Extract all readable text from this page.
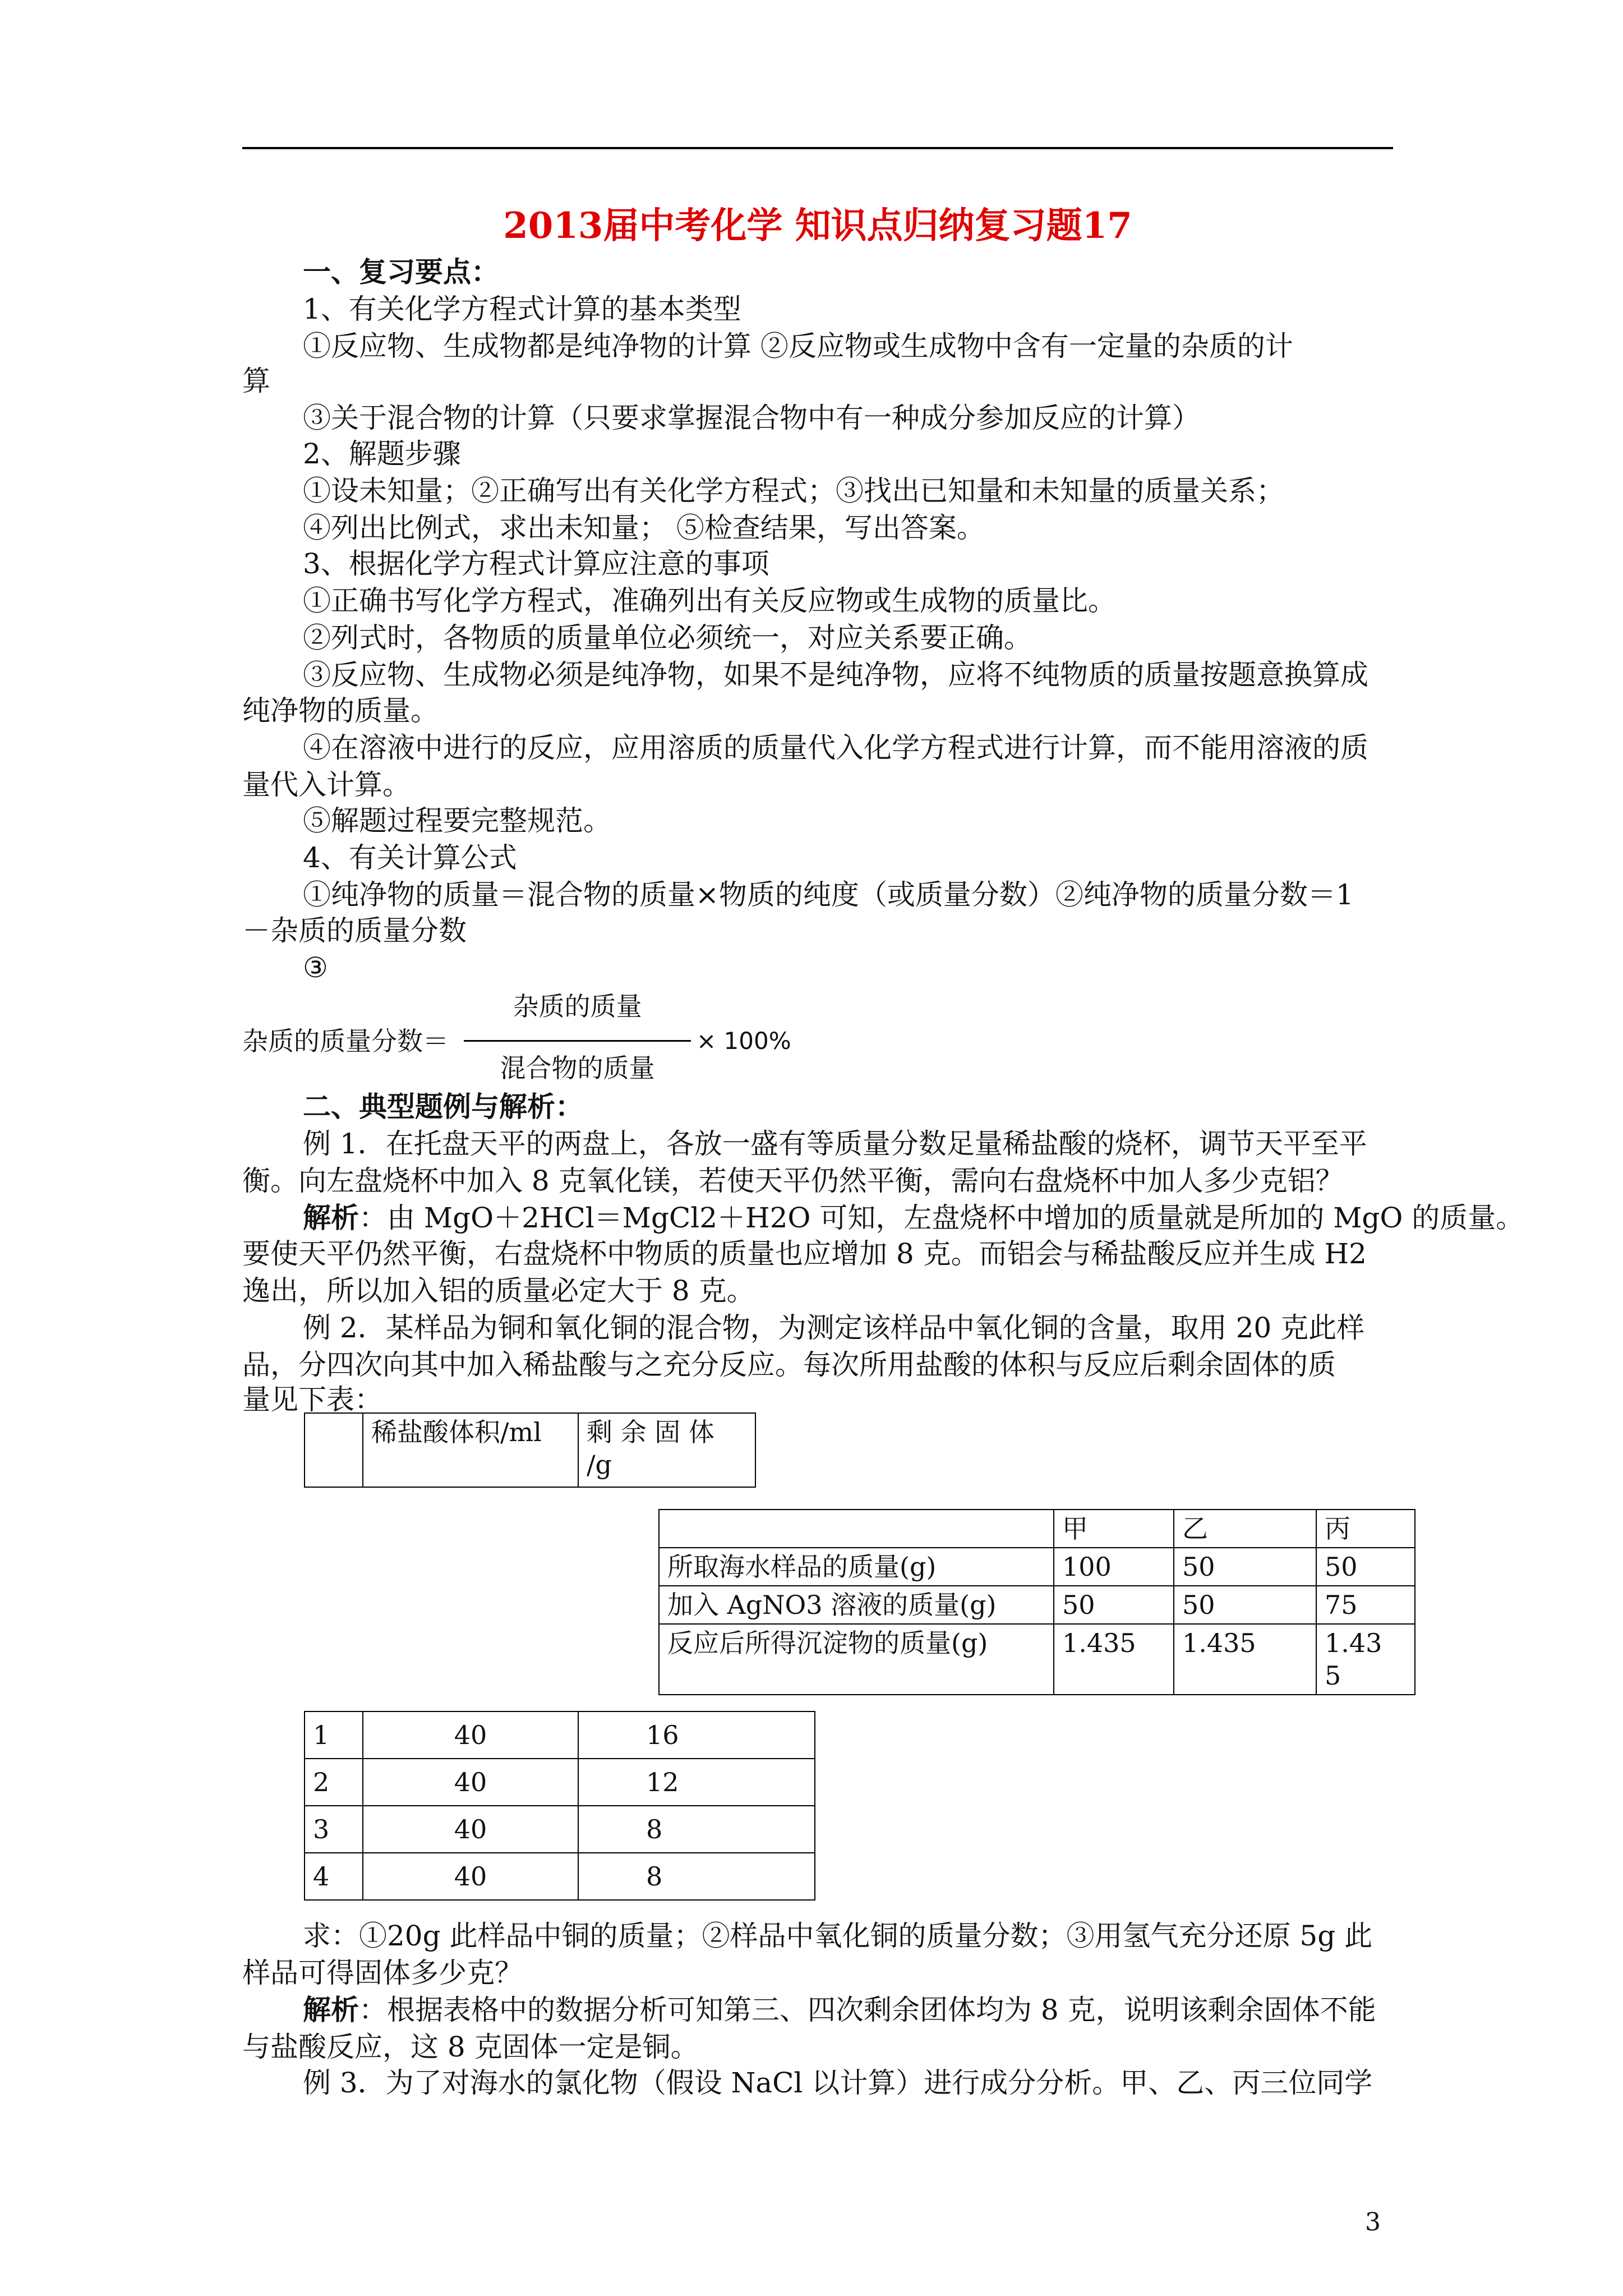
2013届中考化学 知识点归纳复习题17
一、复习要点：
1、有关化学方程式计算的基本类型
①反应物、生成物都是纯净物的计算 ②反应物或生成物中含有一定量的杂质的计
算
③关于混合物的计算（只要求掌握混合物中有一种成分参加反应的计算）
2、解题步骤
①设未知量；②正确写出有关化学方程式；③找出已知量和未知量的质量关系；
④列出比例式，求出未知量； ⑤检查结果，写出答案。
3、根据化学方程式计算应注意的事项
①正确书写化学方程式，准确列出有关反应物或生成物的质量比。
②列式时，各物质的质量单位必须统一，对应关系要正确。
③反应物、生成物必须是纯净物，如果不是纯净物，应将不纯物质的质量按题意换算成
纯净物的质量。
④在溶液中进行的反应，应用溶质的质量代入化学方程式进行计算，而不能用溶液的质
量代入计算。
⑤解题过程要完整规范。
4、有关计算公式
①纯净物的质量＝混合物的质量×物质的纯度（或质量分数）②纯净物的质量分数＝1
－杂质的质量分数
③
杂质的质量分数＝
杂质的质量
混合物的质量
× 100%
二、典型题例与解析：
例 1．在托盘天平的两盘上，各放一盛有等质量分数足量稀盐酸的烧杯，调节天平至平
衡。向左盘烧杯中加入 8 克氧化镁，若使天平仍然平衡，需向右盘烧杯中加人多少克铝？
解析：由 MgO＋2HCl＝MgCl2＋H2O 可知，左盘烧杯中增加的质量就是所加的 MgO 的质量。
要使天平仍然平衡，右盘烧杯中物质的质量也应增加 8 克。而铝会与稀盐酸反应并生成 H2
逸出，所以加入铝的质量必定大于 8 克。
例 2．某样品为铜和氧化铜的混合物，为测定该样品中氧化铜的含量，取用 20 克此样
品，分四次向其中加入稀盐酸与之充分反应。每次所用盐酸的体积与反应后剩余固体的质
量见下表：
	稀盐酸体积/ml	剩 余 固 体
/g
	甲	乙	丙
所取海水样品的质量(g)	100	50	50
加入 AgNO3 溶液的质量(g)	50	50	75
反应后所得沉淀物的质量(g)	1.435	1.435	1.43
5
1	40	16
2	40	12
3	40	8
4	40	8
求：①20g 此样品中铜的质量；②样品中氧化铜的质量分数；③用氢气充分还原 5g 此
样品可得固体多少克？
解析：根据表格中的数据分析可知第三、四次剩余团体均为 8 克，说明该剩余固体不能
与盐酸反应，这 8 克固体一定是铜。
例 3．为了对海水的氯化物（假设 NaCl 以计算）进行成分分析。甲、乙、丙三位同学
3
